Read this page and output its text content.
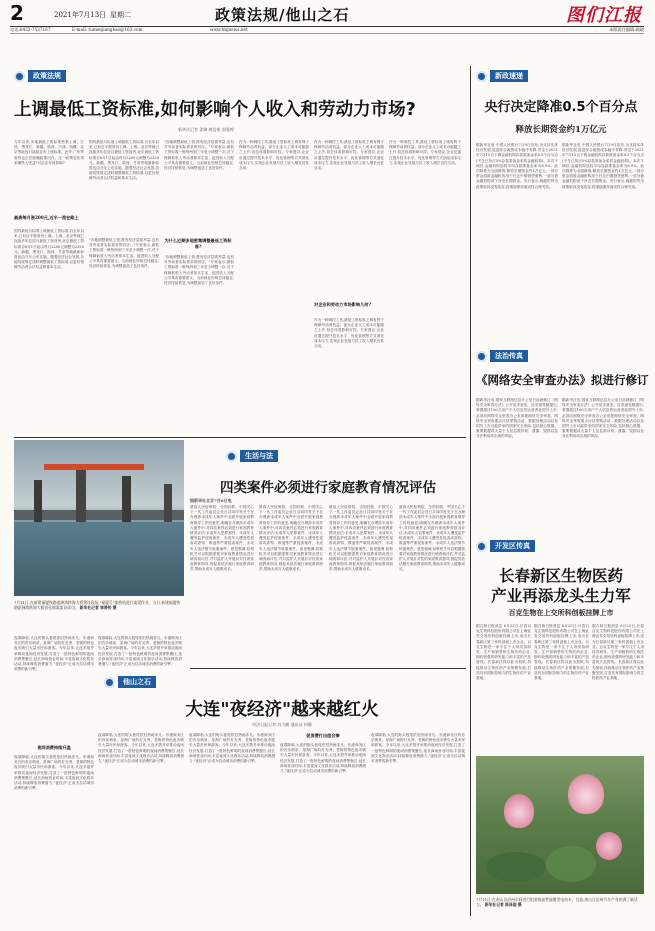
2	2021年7月13日 星期二	政策法规/他山之石	图们江报
电话:0433-7537167	E-mail: tumenjiangbao@163.com	www.tmjnews.net	本版责任编辑:顾晓
政策法规
上调最低工资标准,如何影响个人收入和劳动力市场?
新华社记者 姜琳 黄浩苑 郭曼婷
今年以来,多地最低工资标准密集上调。江西、黑龙江、新疆、陕西、天津、西藏、北京等地近日陆续宣布上调标准。此外,广东等省份也正在酝酿政策出台。这一政策变化带来哪些人受益?对企业有何影响?
最高每月涨200元,近半一流在路上
国内最低月标准上调最低工资标准,自去年以来,已有近半数省份上调。上海、北京等地已连续多年位居月最低工资前列,北京最低工资标准自8月1日起由每月2200元调整为2320元。新疆、黑龙江、陕西、甘肃等地最新标准也由当年公布实施。随着经济社会发展,各地均按规定适时调整最低工资标准,以更好保障劳动者合法权益和基本生活。
国内最低月标准上调最低工资标准,自去年以来,已有近半数省份上调。上海、北京等地已连续多年位居月最低工资前列,北京最低工资标准自8月1日起由每月2200元调整为2320元。新疆、黑龙江、陕西、甘肃等地最新标准也由当年公布实施。随着经济社会发展,各地均按规定适时调整最低工资标准,以更好保障劳动者合法权益和基本生活。
为什么近期多地密集调整最低工资标准?
"各地调整最低工资,既有经济层面考量,也有对劳动者实际需求的回应。"专家表示,最低工资标准一般每两到三年至少调整一次,对于保障低收入劳动者基本生活、促进收入分配公平具有重要意义。当前就业形势总体稳定,经济持续恢复,为调整创造了良好条件。
"各地调整最低工资,既有经济层面考量,也有对劳动者实际需求的回应。"专家表示,最低工资标准一般每两到三年至少调整一次,对于保障低收入劳动者基本生活、促进收入分配公平具有重要意义。当前就业形势总体稳定,经济持续恢复,为调整创造了良好条件。
"各地调整最低工资,既有经济层面考量,也有对劳动者实际需求的回应。"专家表示,最低工资标准一般每两到三年至少调整一次,对于保障低收入劳动者基本生活、促进收入分配公平具有重要意义。当前就业形势总体稳定,经济持续恢复,为调整创造了良好条件。
作为一种调控工具,最低工资标准上调有利于保障劳动者权益。部分企业人工成本可能随之上升,但总体看影响可控。专家建议,企业应通过提升技术水平、优化管理等方式消化成本压力,实现企业发展与员工收入增长良性互动。
对企业和劳动力市场影响几何?
作为一种调控工具,最低工资标准上调有利于保障劳动者权益。部分企业人工成本可能随之上升,但总体看影响可控。专家建议,企业应通过提升技术水平、优化管理等方式消化成本压力,实现企业发展与员工收入增长良性互动。
作为一种调控工具,最低工资标准上调有利于保障劳动者权益。部分企业人工成本可能随之上升,但总体看影响可控。专家建议,企业应通过提升技术水平、优化管理等方式消化成本压力,实现企业发展与员工收入增长良性互动。
作为一种调控工具,最低工资标准上调有利于保障劳动者权益。部分企业人工成本可能随之上升,但总体看影响可控。专家建议,企业应通过提升技术水平、优化管理等方式消化成本压力,实现企业发展与员工收入增长良性互动。
新政速递
央行决定降准0.5个百分点
释放长期资金约1万亿元
据新华社电 中国人民银行7月9日宣布,为支持实体经济发展,促进综合融资成本稳中有降,决定于2021年7月15日下调金融机构存款准备金率0.5个百分点(不含已执行5%存款准备金率的金融机构)。本次下调后,金融机构加权平均存款准备金率为8.9%。此次降准为全面降准,释放长期资金约1万亿元,一部分资金将被金融机构用于归还中期借贷便利,一部分被金融机构用于补充长期资金。央行表示,稳健的货币政策取向没有改变,将继续保持流动性合理充裕。
据新华社电 中国人民银行7月9日宣布,为支持实体经济发展,促进综合融资成本稳中有降,决定于2021年7月15日下调金融机构存款准备金率0.5个百分点(不含已执行5%存款准备金率的金融机构)。本次下调后,金融机构加权平均存款准备金率为8.9%。此次降准为全面降准,释放长期资金约1万亿元,一部分资金将被金融机构用于归还中期借贷便利,一部分被金融机构用于补充长期资金。央行表示,稳健的货币政策取向没有改变,将继续保持流动性合理充裕。
法治传真
《网络安全审查办法》拟进行修订
据新华社电 国家互联网信息办公室日前就修订《网络安全审查办法》公开征求意见。征求意见稿提出,掌握超过100万用户个人信息的运营者赴国外上市,必须向网络安全审查办公室申报网络安全审查。网络安全审查重点评估采购活动、数据处理活动以及国外上市可能带来的国家安全风险,包括核心数据、重要数据或大量个人信息被窃取、泄露、毁损以及非法利用或出境的风险。
据新华社电 国家互联网信息办公室日前就修订《网络安全审查办法》公开征求意见。征求意见稿提出,掌握超过100万用户个人信息的运营者赴国外上市,必须向网络安全审查办公室申报网络安全审查。网络安全审查重点评估采购活动、数据处理活动以及国外上市可能带来的国家安全风险,包括核心数据、重要数据或大量个人信息被窃取、泄露、毁损以及非法利用或出境的风险。
开发区传真
长春新区生物医药
产业再添龙头生力军
百克生物在上交所科创板挂牌上市
据吉林日报消息 6月25日,长春百克生物科技股份有限公司在上海证券交易所科创板挂牌上市,成为长春新区第三家科创板上市企业。百克生物是一家专注于人用疫苗研发、生产和销售的生物医药企业,拥有较强的研发能力和丰富的产品管线。长春新区将以此为契机,持续推动生物医药产业集聚发展,打造具有国际影响力的生物医药产业基地。
据吉林日报消息 6月25日,长春百克生物科技股份有限公司在上海证券交易所科创板挂牌上市,成为长春新区第三家科创板上市企业。百克生物是一家专注于人用疫苗研发、生产和销售的生物医药企业,拥有较强的研发能力和丰富的产品管线。长春新区将以此为契机,持续推动生物医药产业集聚发展,打造具有国际影响力的生物医药产业基地。
据吉林日报消息 6月25日,长春百克生物科技股份有限公司在上海证券交易所科创板挂牌上市,成为长春新区第三家科创板上市企业。百克生物是一家专注于人用疫苗研发、生产和销售的生物医药企业,拥有较强的研发能力和丰富的产品管线。长春新区将以此为契机,持续推动生物医药产业集聚发展,打造具有国际影响力的生物医药产业基地。
7月11日,在南山自治州车间进行组装的高性能微型电动车。目前,南山自治州汽车产业充满了新活力。 新华社记者 陈泽国 摄
生活与法
四类案件必须进行家庭教育情况评估
7月11日,在新建福厦铁路湄洲湾跨海大桥建设现场,"福厦号"架桥机进行架梁作业。当日,新建福厦铁路湄洲湾跨海大桥首孔箱梁架设成功。 新华社记者 林善传 摄
据新华社北京7月8日电
最高人民检察院、全国妇联、中国关心下一代工作委员会近日共同印发关于在办理涉未成年人案件中全面开展家庭教育指导工作的意见,明确在办理涉未成年人案件中,对四类案件必须进行家庭教育情况评估:未成年人犯罪案件、未成年人遭受监护侵害案件、未成年人遭受性侵害或虐待、欺凌等严重侵害案件、未成年人违法情节较重案件。意见强调,检察机关可以根据需要对家庭教育情况进行调查和评估,并对监护人开展针对性的家庭教育指导,督促其依法履行家庭教育职责,帮助未成年人健康成长。
最高人民检察院、全国妇联、中国关心下一代工作委员会近日共同印发关于在办理涉未成年人案件中全面开展家庭教育指导工作的意见,明确在办理涉未成年人案件中,对四类案件必须进行家庭教育情况评估:未成年人犯罪案件、未成年人遭受监护侵害案件、未成年人遭受性侵害或虐待、欺凌等严重侵害案件、未成年人违法情节较重案件。意见强调,检察机关可以根据需要对家庭教育情况进行调查和评估,并对监护人开展针对性的家庭教育指导,督促其依法履行家庭教育职责,帮助未成年人健康成长。
最高人民检察院、全国妇联、中国关心下一代工作委员会近日共同印发关于在办理涉未成年人案件中全面开展家庭教育指导工作的意见,明确在办理涉未成年人案件中,对四类案件必须进行家庭教育情况评估:未成年人犯罪案件、未成年人遭受监护侵害案件、未成年人遭受性侵害或虐待、欺凌等严重侵害案件、未成年人违法情节较重案件。意见强调,检察机关可以根据需要对家庭教育情况进行调查和评估,并对监护人开展针对性的家庭教育指导,督促其依法履行家庭教育职责,帮助未成年人健康成长。
最高人民检察院、全国妇联、中国关心下一代工作委员会近日共同印发关于在办理涉未成年人案件中全面开展家庭教育指导工作的意见,明确在办理涉未成年人案件中,对四类案件必须进行家庭教育情况评估:未成年人犯罪案件、未成年人遭受监护侵害案件、未成年人遭受性侵害或虐待、欺凌等严重侵害案件、未成年人违法情节较重案件。意见强调,检察机关可以根据需要对家庭教育情况进行调查和评估,并对监护人开展针对性的家庭教育指导,督促其依法履行家庭教育职责,帮助未成年人健康成长。
夜幕降临,大连的街头巷尾依旧热闹非凡。东港商务区的音乐喷泉、星海广场的灯光秀、老街的特色夜市吸引大量市民和游客。今年以来,大连多措并举推动夜间经济发展,打造了一批特色鲜明的夜间消费集聚区,延长商场营业时间,丰富夜间文化娱乐活动,持续释放消费潜力,"夜经济"正成为拉动城市消费的新引擎。
夜间消费持续升温
夜幕降临,大连的街头巷尾依旧热闹非凡。东港商务区的音乐喷泉、星海广场的灯光秀、老街的特色夜市吸引大量市民和游客。今年以来,大连多措并举推动夜间经济发展,打造了一批特色鲜明的夜间消费集聚区,延长商场营业时间,丰富夜间文化娱乐活动,持续释放消费潜力,"夜经济"正成为拉动城市消费的新引擎。
夜幕降临,大连的街头巷尾依旧热闹非凡。东港商务区的音乐喷泉、星海广场的灯光秀、老街的特色夜市吸引大量市民和游客。今年以来,大连多措并举推动夜间经济发展,打造了一批特色鲜明的夜间消费集聚区,延长商场营业时间,丰富夜间文化娱乐活动,持续释放消费潜力,"夜经济"正成为拉动城市消费的新引擎。
他山之石
大连"夜经济"越来越红火
经济日报记者 苏大鹏 通讯员 何静
夜幕降临,大连的街头巷尾依旧热闹非凡。东港商务区的音乐喷泉、星海广场的灯光秀、老街的特色夜市吸引大量市民和游客。今年以来,大连多措并举推动夜间经济发展,打造了一批特色鲜明的夜间消费集聚区,延长商场营业时间,丰富夜间文化娱乐活动,持续释放消费潜力,"夜经济"正成为拉动城市消费的新引擎。
夜幕降临,大连的街头巷尾依旧热闹非凡。东港商务区的音乐喷泉、星海广场的灯光秀、老街的特色夜市吸引大量市民和游客。今年以来,大连多措并举推动夜间经济发展,打造了一批特色鲜明的夜间消费集聚区,延长商场营业时间,丰富夜间文化娱乐活动,持续释放消费潜力,"夜经济"正成为拉动城市消费的新引擎。
促消费打出组合拳
夜幕降临,大连的街头巷尾依旧热闹非凡。东港商务区的音乐喷泉、星海广场的灯光秀、老街的特色夜市吸引大量市民和游客。今年以来,大连多措并举推动夜间经济发展,打造了一批特色鲜明的夜间消费集聚区,延长商场营业时间,丰富夜间文化娱乐活动,持续释放消费潜力,"夜经济"正成为拉动城市消费的新引擎。
夜幕降临,大连的街头巷尾依旧热闹非凡。东港商务区的音乐喷泉、星海广场的灯光秀、老街的特色夜市吸引大量市民和游客。今年以来,大连多措并举推动夜间经济发展,打造了一批特色鲜明的夜间消费集聚区,延长商场营业时间,丰富夜间文化娱乐活动,持续释放消费潜力,"夜经济"正成为拉动城市消费的新引擎。
